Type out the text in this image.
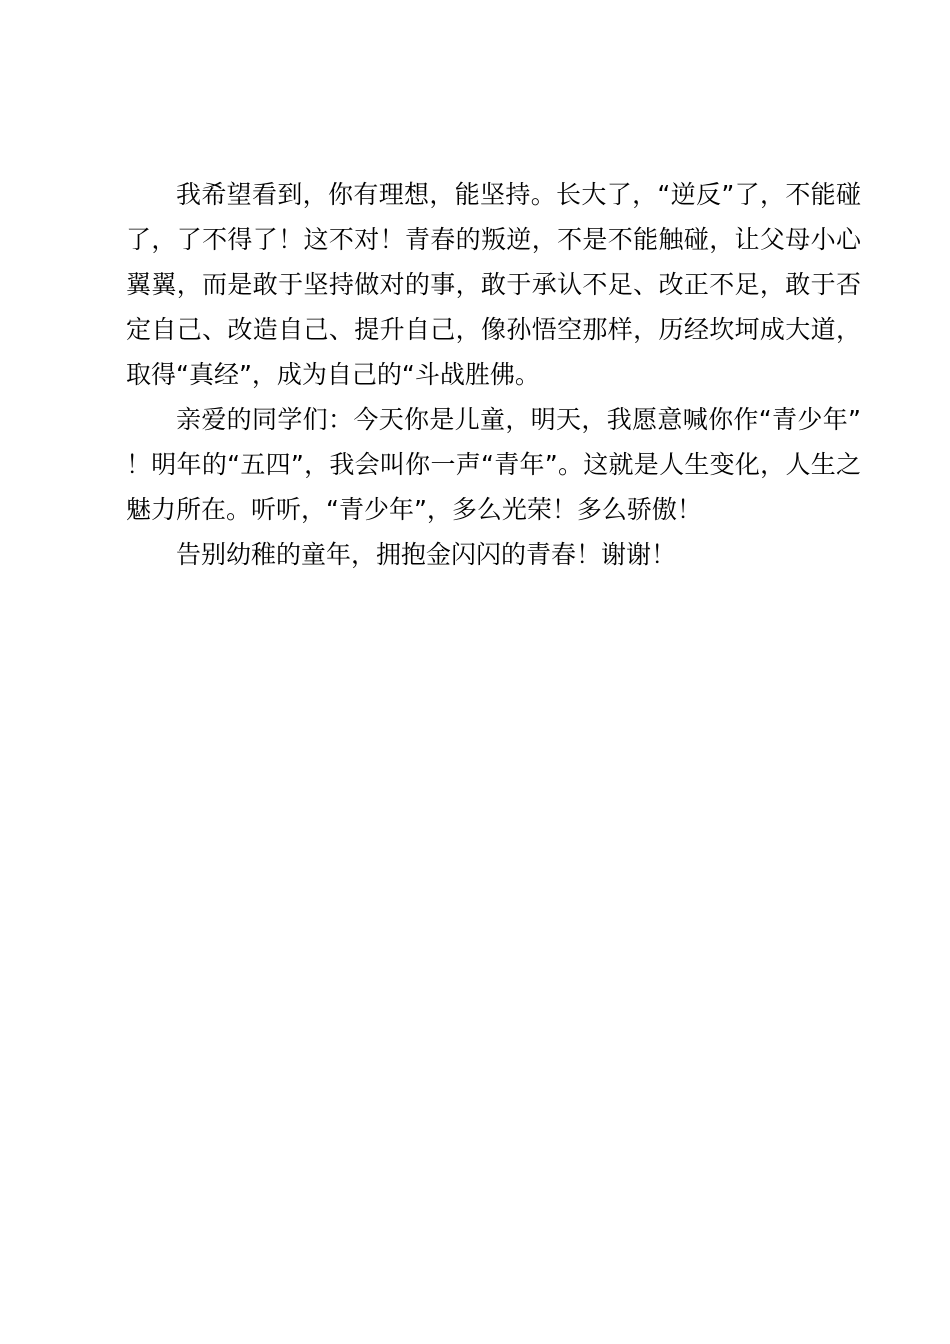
我希望看到，你有理想，能坚持。长大了，“逆反”了，不能碰了，了不得了！这不对！青春的叛逆，不是不能触碰，让父母小心翼翼，而是敢于坚持做对的事，敢于承认不足、改正不足，敢于否定自己、改造自己、提升自己，像孙悟空那样，历经坎坷成大道，取得“真经”，成为自己的“斗战胜佛。

亲爱的同学们：今天你是儿童，明天，我愿意喊你作“青少年”！明年的“五四”，我会叫你一声“青年”。这就是人生变化，人生之魅力所在。听听，“青少年”，多么光荣！多么骄傲！

告别幼稚的童年，拥抱金闪闪的青春！谢谢！
